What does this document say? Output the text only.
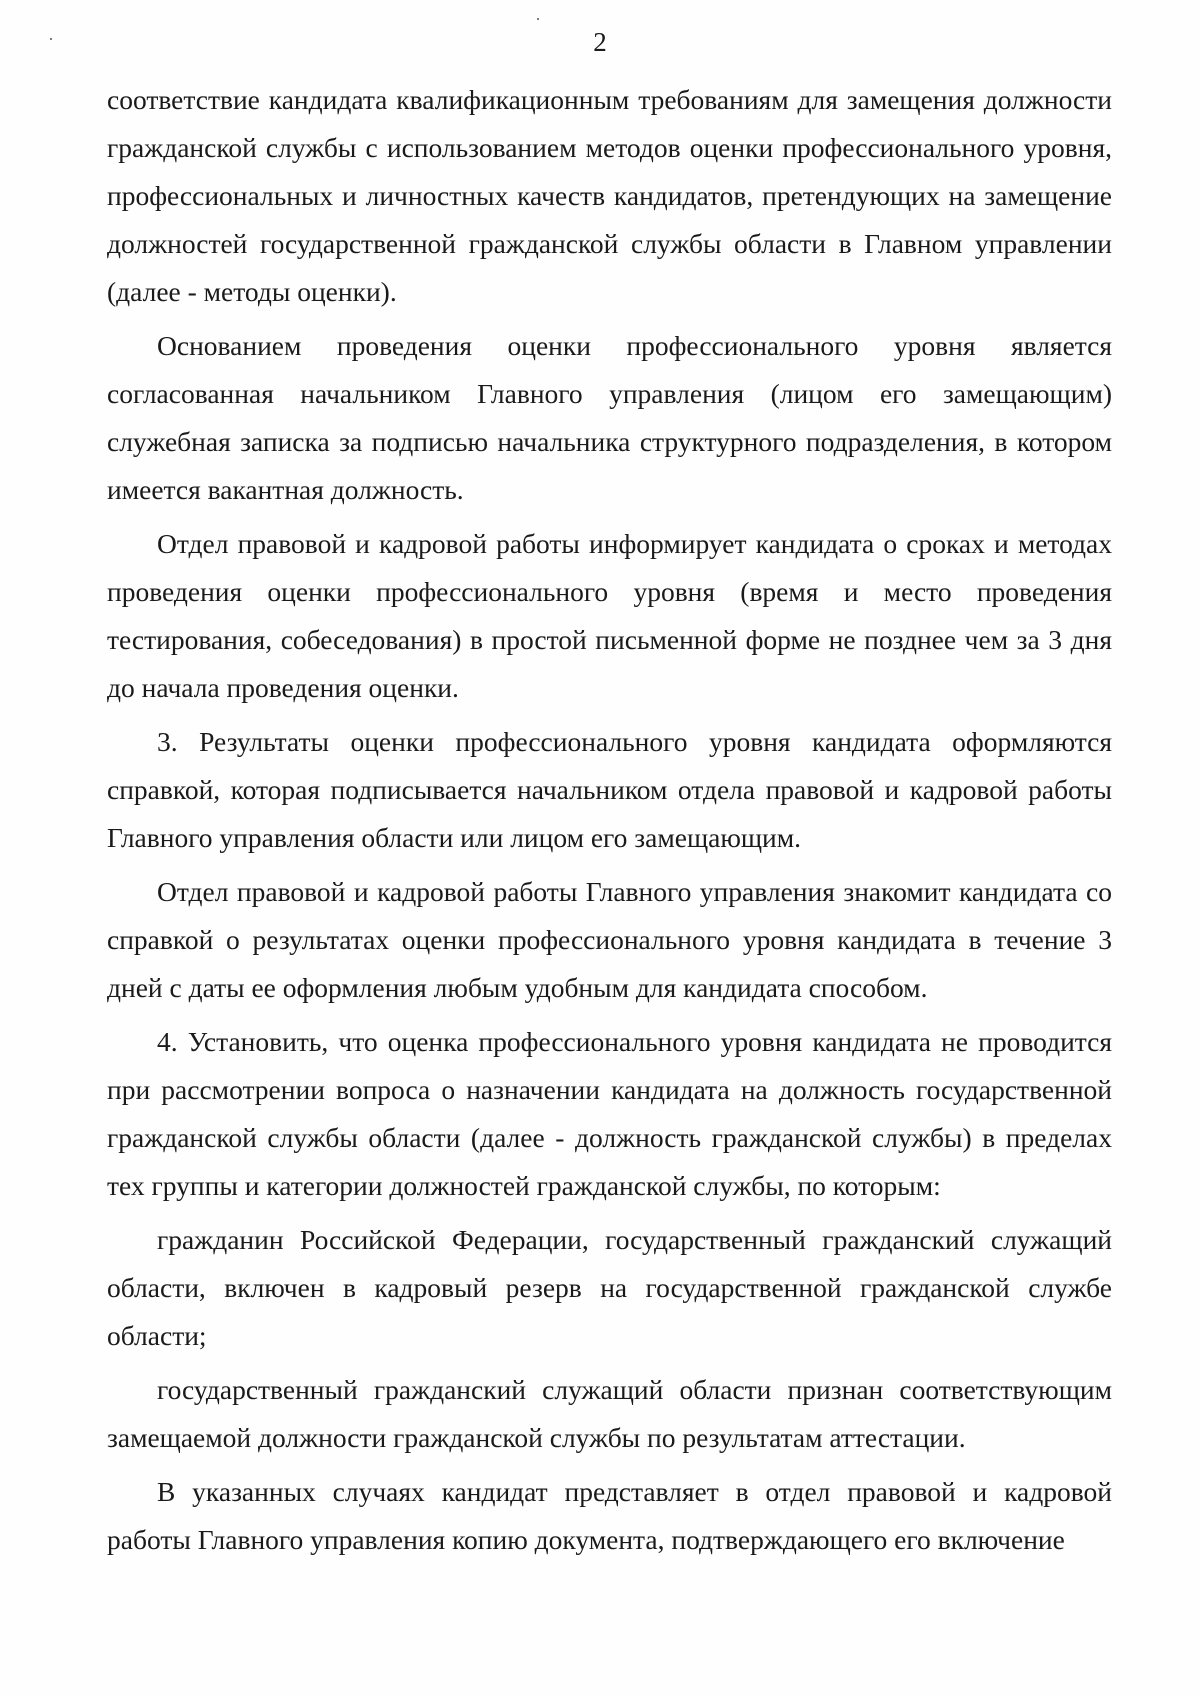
2

соответствие кандидата квалификационным требованиям для замещения должности гражданской службы с использованием методов оценки профессионального уровня, профессиональных и личностных качеств кандидатов, претендующих на замещение должностей государственной гражданской службы области в Главном управлении (далее - методы оценки).

Основанием проведения оценки профессионального уровня является согласованная начальником Главного управления (лицом его замещающим) служебная записка за подписью начальника структурного подразделения, в котором имеется вакантная должность.

Отдел правовой и кадровой работы информирует кандидата о сроках и методах проведения оценки профессионального уровня (время и место проведения тестирования, собеседования) в простой письменной форме не позднее чем за 3 дня до начала проведения оценки.

3. Результаты оценки профессионального уровня кандидата оформляются справкой, которая подписывается начальником отдела правовой и кадровой работы Главного управления области или лицом его замещающим.

Отдел правовой и кадровой работы Главного управления знакомит кандидата со справкой о результатах оценки профессионального уровня кандидата в течение 3 дней с даты ее оформления любым удобным для кандидата способом.

4. Установить, что оценка профессионального уровня кандидата не проводится при рассмотрении вопроса о назначении кандидата на должность государственной гражданской службы области (далее - должность гражданской службы) в пределах тех группы и категории должностей гражданской службы, по которым:

гражданин Российской Федерации, государственный гражданский служащий области, включен в кадровый резерв на государственной гражданской службе области;

государственный гражданский служащий области признан соответствующим замещаемой должности гражданской службы по результатам аттестации.

В указанных случаях кандидат представляет в отдел правовой и кадровой работы Главного управления копию документа, подтверждающего его включение
